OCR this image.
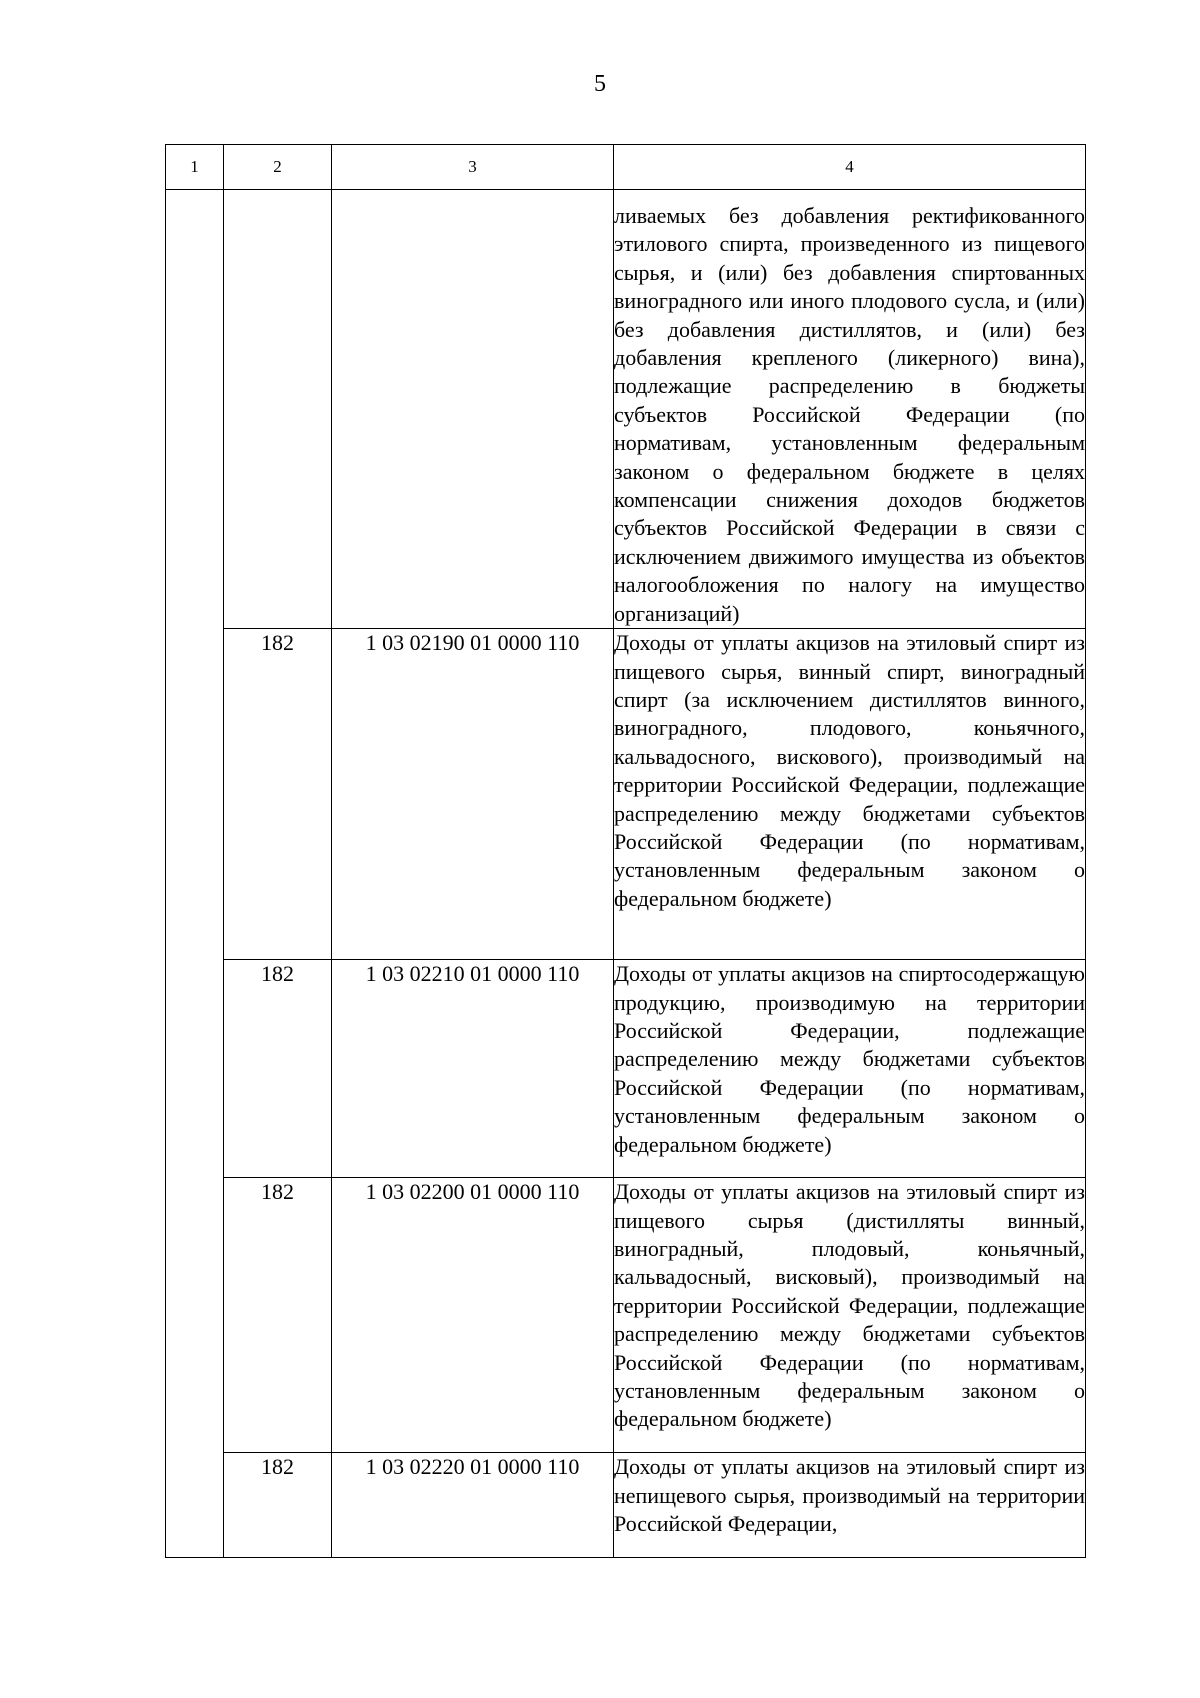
5
1	2	3	4
			ливаемых без добавления ректификованного этилового спирта, произведенного из пищевого сырья, и (или) без добавления спиртованных виноградного или иного плодового сусла, и (или) без добавления дистиллятов, и (или) без добавления крепленого (ликерного) вина), подлежащие распределению в бюджеты субъектов Российской Федерации (по нормативам, установленным федеральным законом о федеральном бюджете в целях компенсации снижения доходов бюджетов субъектов Российской Федерации в связи с исключением движимого имущества из объектов налогообложения по налогу на имущество организаций)
	182	1 03 02190 01 0000 110	Доходы от уплаты акцизов на этиловый спирт из пищевого сырья, винный спирт, виноградный спирт (за исключением дистиллятов винного, виноградного, плодового, коньячного, кальвадосного, вискового), производимый на территории Российской Федерации, подлежащие распределению между бюджетами субъектов Российской Федерации (по нормативам, установленным федеральным законом о федеральном бюджете)
	182	1 03 02210 01 0000 110	Доходы от уплаты акцизов на спиртосодержащую продукцию, производимую на территории Российской Федерации, подлежащие распределению между бюджетами субъектов Российской Федерации (по нормативам, установленным федеральным законом о федеральном бюджете)
	182	1 03 02200 01 0000 110	Доходы от уплаты акцизов на этиловый спирт из пищевого сырья (дистилляты винный, виноградный, плодовый, коньячный, кальвадосный, висковый), производимый на территории Российской Федерации, подлежащие распределению между бюджетами субъектов Российской Федерации (по нормативам, установленным федеральным законом о федеральном бюджете)
	182	1 03 02220 01 0000 110	Доходы от уплаты акцизов на этиловый спирт из непищевого сырья, производимый на территории Российской Федерации,
